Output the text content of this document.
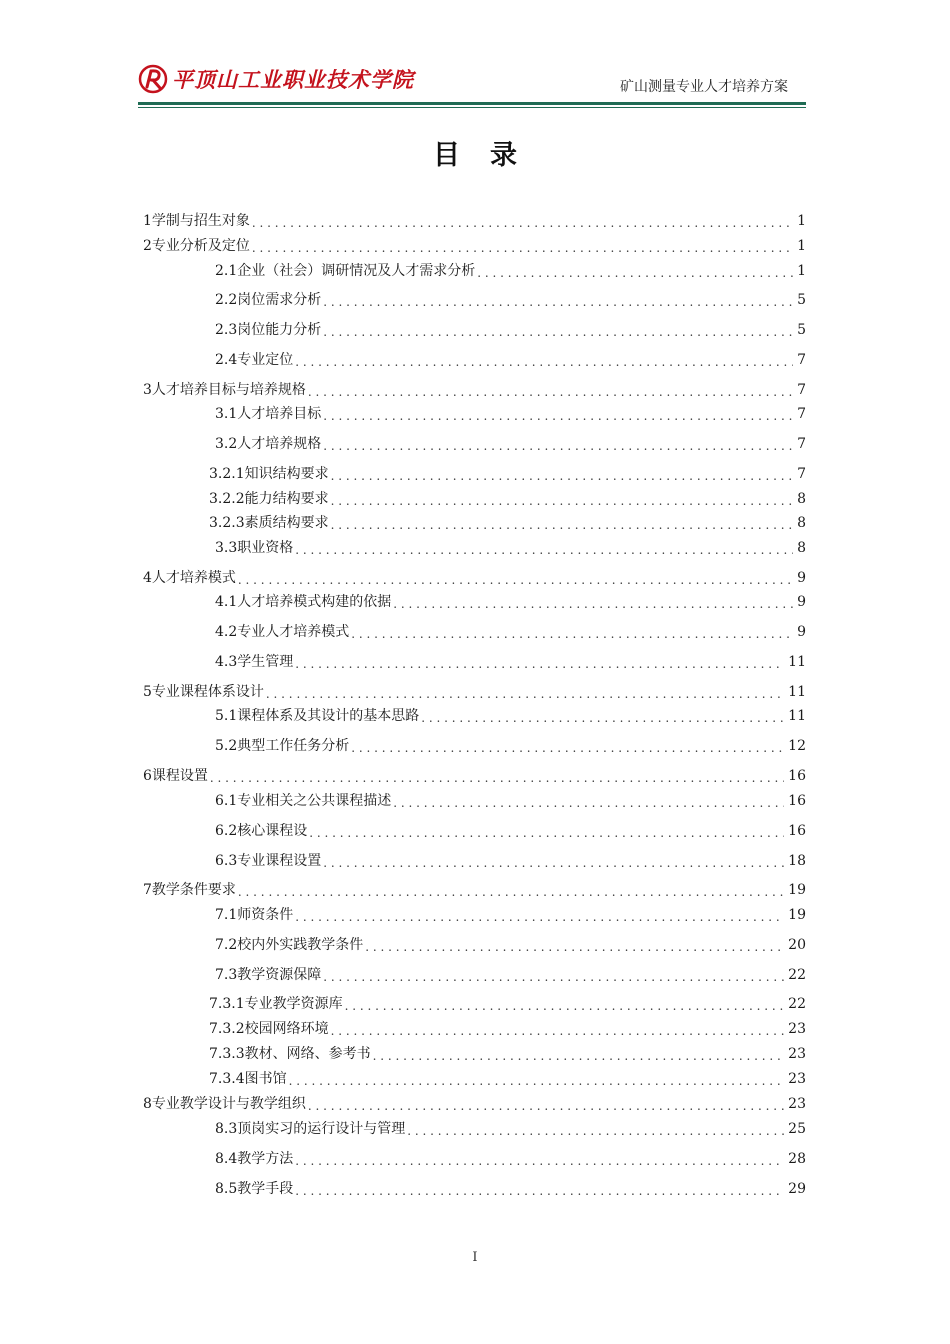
平顶山工业职业技术学院	矿山测量专业人才培养方案
目录
1学制与招生对象 . . .	1
2专业分析及定位 . . .	1
2.1企业（社会）调研情况及人才需求分析 . . .	1
2.2岗位需求分析 . . .	5
2.3岗位能力分析 . . .	5
2.4专业定位 . . .	7
3人才培养目标与培养规格 . . .	7
3.1人才培养目标 . . .	7
3.2人才培养规格 . . .	7
3.2.1知识结构要求 . . .	7
3.2.2能力结构要求 . . .	8
3.2.3素质结构要求 . . .	8
3.3职业资格 . . .	8
4人才培养模式 . . .	9
4.1人才培养模式构建的依据 . . .	9
4.2专业人才培养模式 . . .	9
4.3学生管理 . . .	11
5专业课程体系设计 . . .	11
5.1课程体系及其设计的基本思路 . . .	11
5.2典型工作任务分析 . . .	12
6课程设置 . . .	16
6.1专业相关之公共课程描述 . . .	16
6.2核心课程设 . . .	16
6.3专业课程设置 . . .	18
7教学条件要求 . . .	19
7.1师资条件 . . .	19
7.2校内外实践教学条件 . . .	20
7.3教学资源保障 . . .	22
7.3.1专业教学资源库 . . .	22
7.3.2校园网络环境 . . .	23
7.3.3教材、网络、参考书 . . .	23
7.3.4图书馆 . . .	23
8专业教学设计与教学组织 . . .	23
8.3顶岗实习的运行设计与管理 . . .	25
8.4教学方法 . . .	28
8.5教学手段 . . .	29
I
